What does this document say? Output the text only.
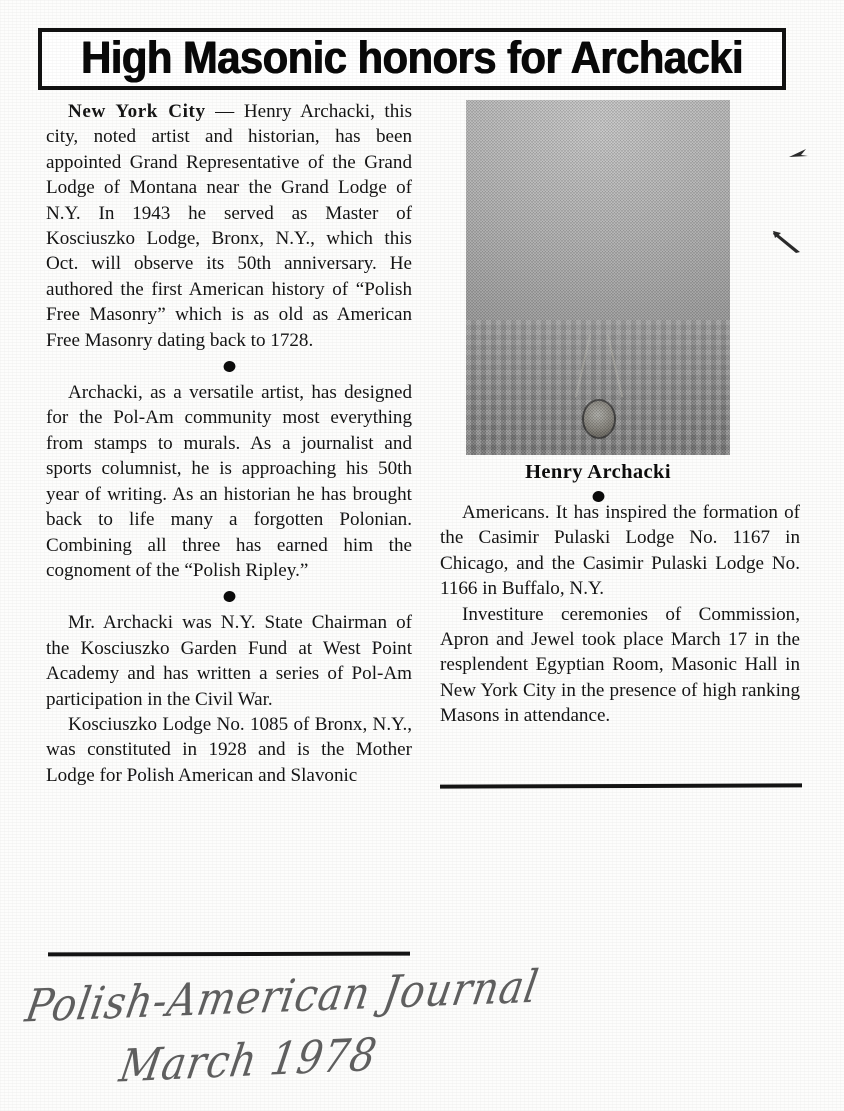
High Masonic honors for Archacki
Henry Archacki

New York City — Henry Archacki, this city, noted artist and historian, has been appointed Grand Representative of the Grand Lodge of Montana near the Grand Lodge of N.Y. In 1943 he served as Master of Kosciuszko Lodge, Bronx, N.Y., which this Oct. will observe its 50th anniversary. He authored the first American history of “Polish Free Masonry” which is as old as American Free Masonry dating back to 1728.

Archacki, as a versatile artist, has designed for the Pol-Am community most everything from stamps to murals. As a journalist and sports columnist, he is approaching his 50th year of writing. As an historian he has brought back to life many a forgotten Polonian. Combining all three has earned him the cognoment of the “Polish Ripley.”

Mr. Archacki was N.Y. State Chairman of the Kosciuszko Garden Fund at West Point Academy and has written a series of Pol-Am participation in the Civil War.

Kosciuszko Lodge No. 1085 of Bronx, N.Y., was constituted in 1928 and is the Mother Lodge for Polish American and Slavonic

Americans. It has inspired the formation of the Casimir Pulaski Lodge No. 1167 in Chicago, and the Casimir Pulaski Lodge No. 1166 in Buffalo, N.Y.

Investiture ceremonies of Commission, Apron and Jewel took place March 17 in the resplendent Egyptian Room, Masonic Hall in New York City in the presence of high ranking Masons in attendance.

Polish-American Journal
March 1978
